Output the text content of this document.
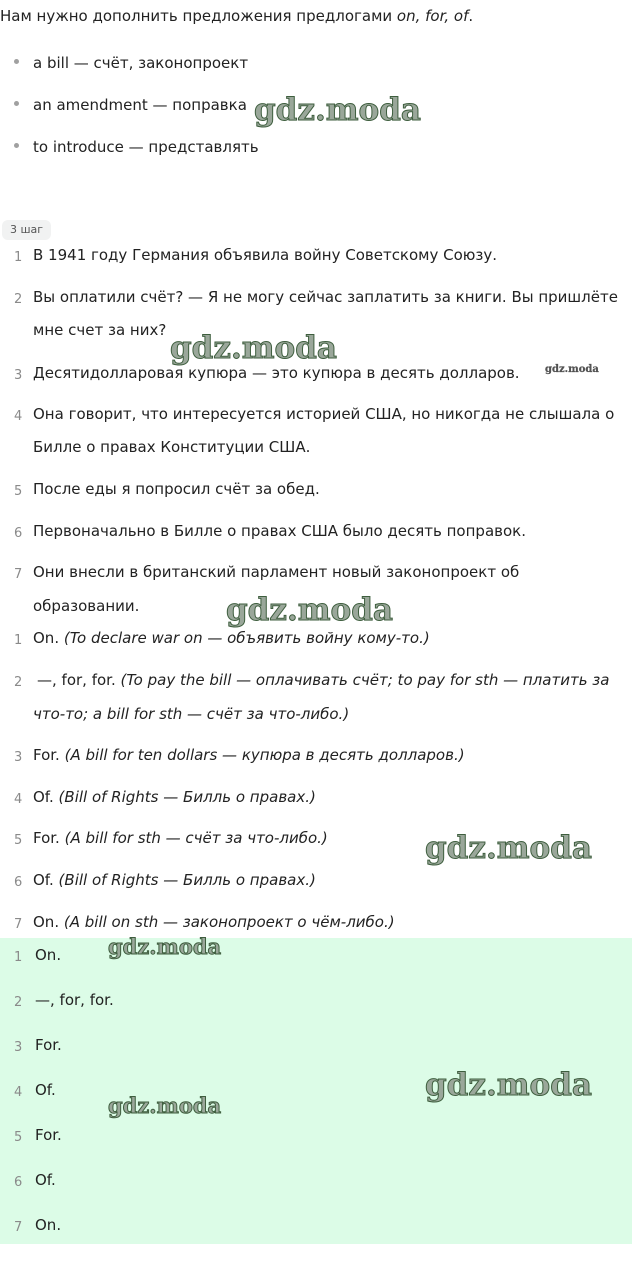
Нам нужно дополнить предложения предлогами on, for, of.
a bill — счёт, законопроект
an amendment — поправка
to introduce — представлять
3 шаг
1 В 1941 году Германия объявила войну Советскому Союзу.
2 Вы оплатили счёт? — Я не могу сейчас заплатить за книги. Вы пришлёте
мне счет за них?
3 Десятидолларовая купюра — это купюра в десять долларов.
4 Она говорит, что интересуется историей США, но никогда не слышала о
Билле о правах Конституции США.
5 После еды я попросил счёт за обед.
6 Первоначально в Билле о правах США было десять поправок.
7 Они внесли в британский парламент новый законопроект об
образовании.
1 On. (To declare war on — объявить войну кому-то.)
2 —, for, for. (To pay the bill — оплачивать счёт; to pay for sth — платить за
что-то; a bill for sth — счёт за что-либо.)
3 For. (A bill for ten dollars — купюра в десять долларов.)
4 Of. (Bill of Rights — Билль о правах.)
5 For. (A bill for sth — счёт за что-либо.)
6 Of. (Bill of Rights — Билль о правах.)
7 On. (A bill on sth — законопроект о чём-либо.)
1 On.
2 —, for, for.
3 For.
4 Of.
5 For.
6 Of.
7 On.
gdz.moda
gdz.moda
gdz.moda
gdz.moda
gdz.moda
gdz.moda
gdz.moda
gdz.moda
